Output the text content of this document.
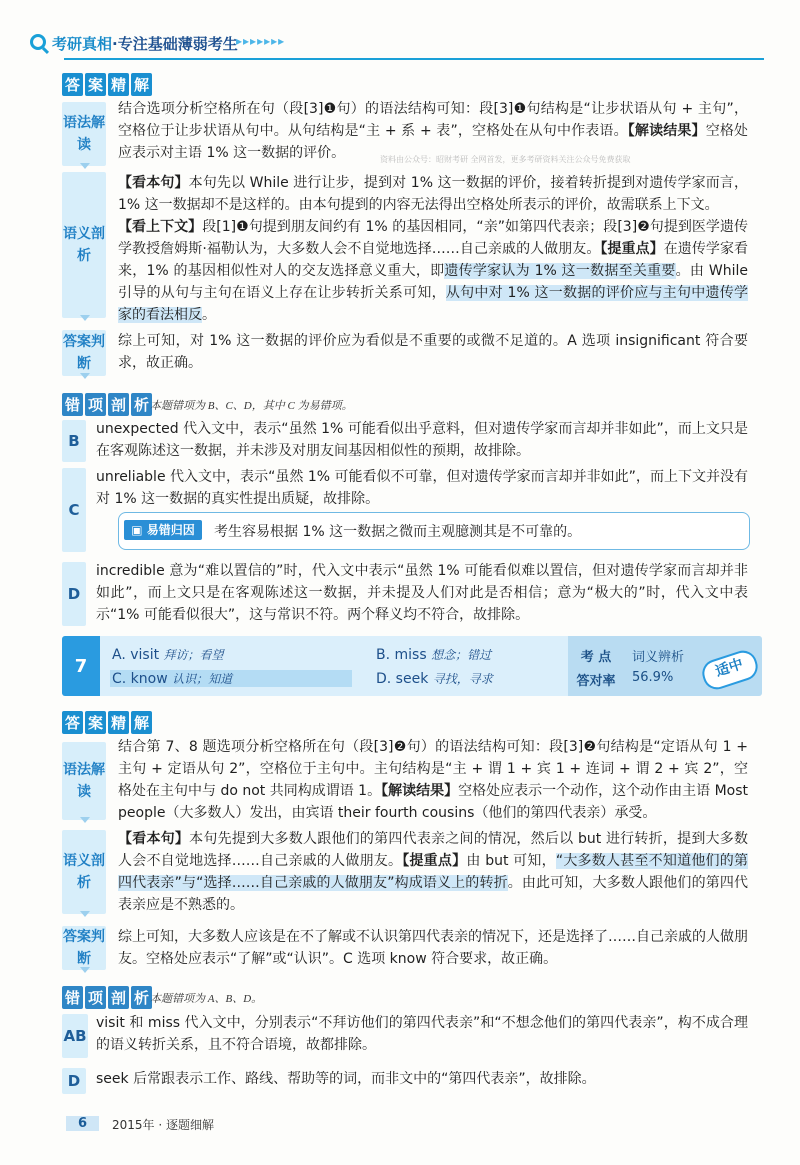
考研真相·专注基础薄弱考生
▸▸▸▸▸▸▸
答 案 精 解
语法解读
结合选项分析空格所在句（段[3]❶句）的语法结构可知：段[3]❶句结构是“让步状语从句 + 主句”，空格位于让步状语从句中。从句结构是“主 + 系 + 表”，空格处在从句中作表语。【解读结果】空格处应表示对主语 1% 这一数据的评价。	资料由公众号：昭财考研 全网首发，更多考研资料关注公众号免费获取
语义剖析
【看本句】本句先以 While 进行让步，提到对 1% 这一数据的评价，接着转折提到对遗传学家而言，1% 这一数据却不是这样的。由本句提到的内容无法得出空格处所表示的评价，故需联系上下文。
【看上下文】段[1]❶句提到朋友间约有 1% 的基因相同，“亲”如第四代表亲；段[3]❷句提到医学遗传学教授詹姆斯·福勒认为，大多数人会不自觉地选择……自己亲戚的人做朋友。【提重点】在遗传学家看来，1% 的基因相似性对人的交友选择意义重大，即遗传学家认为 1% 这一数据至关重要。由 While 引导的从句与主句在语义上存在让步转折关系可知，从句中对 1% 这一数据的评价应与主句中遗传学家的看法相反。
答案判断
综上可知，对 1% 这一数据的评价应为看似是不重要的或微不足道的。A 选项 insignificant 符合要求，故正确。
错 项 剖 析 本题错项为 B、C、D，其中 C 为易错项。
B
unexpected 代入文中，表示“虽然 1% 可能看似出乎意料，但对遗传学家而言却并非如此”，而上文只是在客观陈述这一数据，并未涉及对朋友间基因相似性的预期，故排除。
C
unreliable 代入文中，表示“虽然 1% 可能看似不可靠，但对遗传学家而言却并非如此”，而上下文并没有对 1% 这一数据的真实性提出质疑，故排除。
▣ 易错归因	考生容易根据 1% 这一数据之微而主观臆测其是不可靠的。
D
incredible 意为“难以置信的”时，代入文中表示“虽然 1% 可能看似难以置信，但对遗传学家而言却并非如此”，而上文只是在客观陈述这一数据，并未提及人们对此是否相信；意为“极大的”时，代入文中表示“1% 可能看似很大”，这与常识不符。两个释义均不符合，故排除。
7
A. visit 拜访；看望	B. miss 想念；错过
C. know 认识；知道	D. seek 寻找，寻求
考 点	词义辨析
答对率	56.9%	适中
答 案 精 解
语法解读
结合第 7、8 题选项分析空格所在句（段[3]❷句）的语法结构可知：段[3]❷句结构是“定语从句 1 + 主句 + 定语从句 2”，空格位于主句中。主句结构是“主 + 谓 1 + 宾 1 + 连词 + 谓 2 + 宾 2”，空格处在主句中与 do not 共同构成谓语 1。【解读结果】空格处应表示一个动作，这个动作由主语 Most people（大多数人）发出，由宾语 their fourth cousins（他们的第四代表亲）承受。
语义剖析
【看本句】本句先提到大多数人跟他们的第四代表亲之间的情况，然后以 but 进行转折，提到大多数人会不自觉地选择……自己亲戚的人做朋友。【提重点】由 but 可知，“大多数人甚至不知道他们的第四代表亲”与“选择……自己亲戚的人做朋友”构成语义上的转折。由此可知，大多数人跟他们的第四代表亲应是不熟悉的。
答案判断
综上可知，大多数人应该是在不了解或不认识第四代表亲的情况下，还是选择了……自己亲戚的人做朋友。空格处应表示“了解”或“认识”。C 选项 know 符合要求，故正确。
错 项 剖 析 本题错项为 A、B、D。
AB
visit 和 miss 代入文中，分别表示“不拜访他们的第四代表亲”和“不想念他们的第四代表亲”，构不成合理的语义转折关系，且不符合语境，故都排除。
D	seek 后常跟表示工作、路线、帮助等的词，而非文中的“第四代表亲”，故排除。
6	2015年 · 逐题细解
